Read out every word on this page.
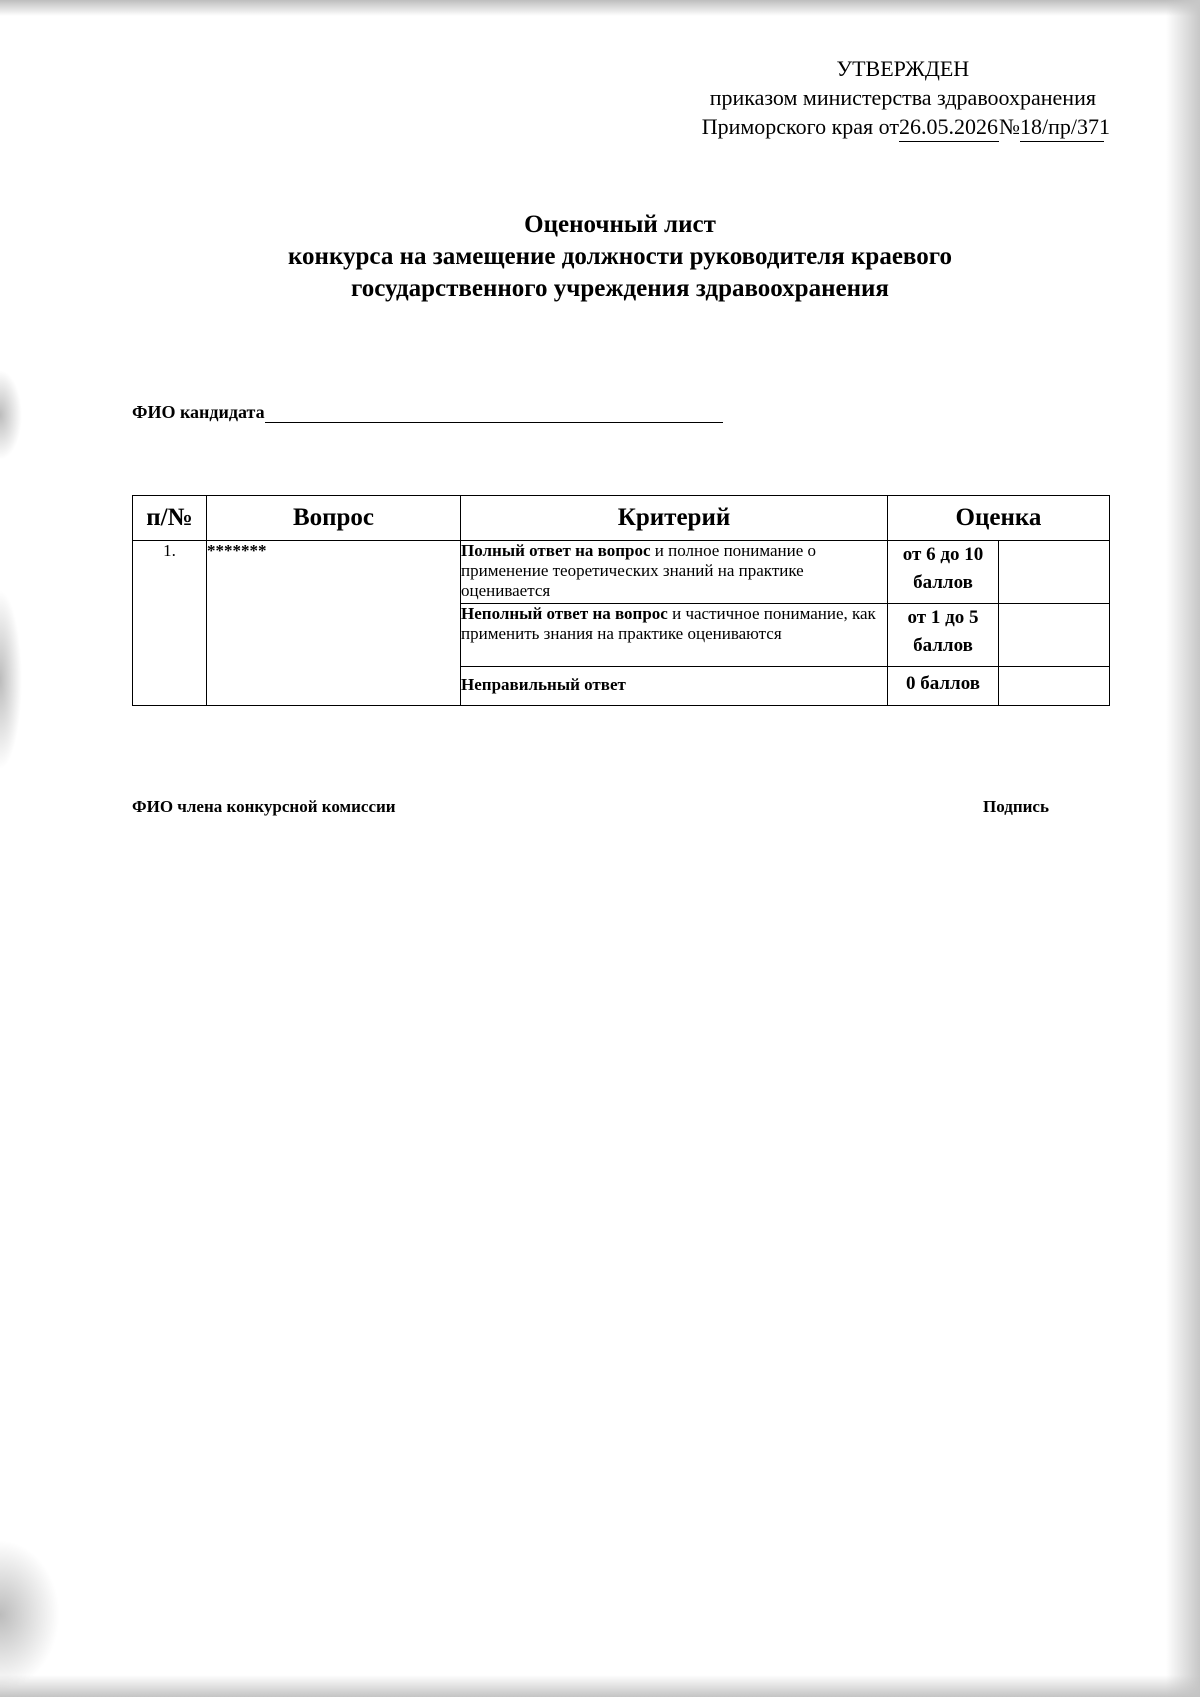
УТВЕРЖДЕН
приказом министерства здравоохранения
Приморского края от26.05.2026№18/пр/371
Оценочный лист
конкурса на замещение должности руководителя краевого
государственного учреждения здравоохранения
ФИО кандидата
п/№	Вопрос	Критерий	Оценка	
1.	*******	Полный ответ на вопрос и полное понимание о применение теоретических знаний на практике оценивается	от 6 до 10 баллов	
		Неполный ответ на вопрос и частичное понимание, как применить знания на практике оцениваются	от 1 до 5 баллов	
		Неправильный ответ	0 баллов	
ФИО члена конкурсной комиссии	Подпись
